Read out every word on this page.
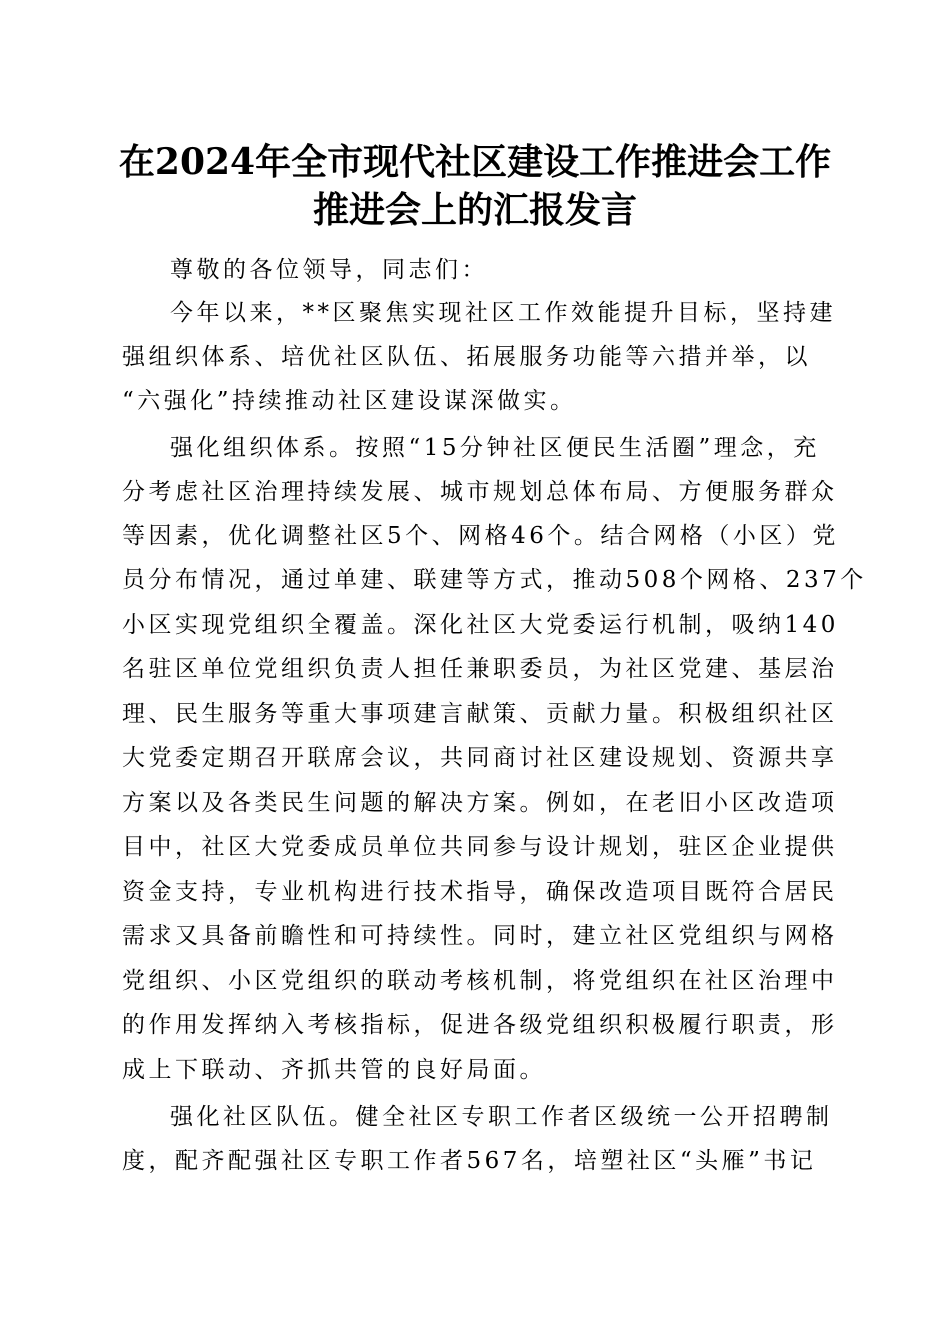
在2024年全市现代社区建设工作推进会工作
推进会上的汇报发言
尊敬的各位领导，同志们：
今年以来，**区聚焦实现社区工作效能提升目标，坚持建
强组织体系、培优社区队伍、拓展服务功能等六措并举，以
“六强化”持续推动社区建设谋深做实。
强化组织体系。按照“15分钟社区便民生活圈”理念，充
分考虑社区治理持续发展、城市规划总体布局、方便服务群众
等因素，优化调整社区5个、网格46个。结合网格（小区）党
员分布情况，通过单建、联建等方式，推动508个网格、237个
小区实现党组织全覆盖。深化社区大党委运行机制，吸纳140
名驻区单位党组织负责人担任兼职委员，为社区党建、基层治
理、民生服务等重大事项建言献策、贡献力量。积极组织社区
大党委定期召开联席会议，共同商讨社区建设规划、资源共享
方案以及各类民生问题的解决方案。例如，在老旧小区改造项
目中，社区大党委成员单位共同参与设计规划，驻区企业提供
资金支持，专业机构进行技术指导，确保改造项目既符合居民
需求又具备前瞻性和可持续性。同时，建立社区党组织与网格
党组织、小区党组织的联动考核机制，将党组织在社区治理中
的作用发挥纳入考核指标，促进各级党组织积极履行职责，形
成上下联动、齐抓共管的良好局面。
强化社区队伍。健全社区专职工作者区级统一公开招聘制
度，配齐配强社区专职工作者567名，培塑社区“头雁”书记
